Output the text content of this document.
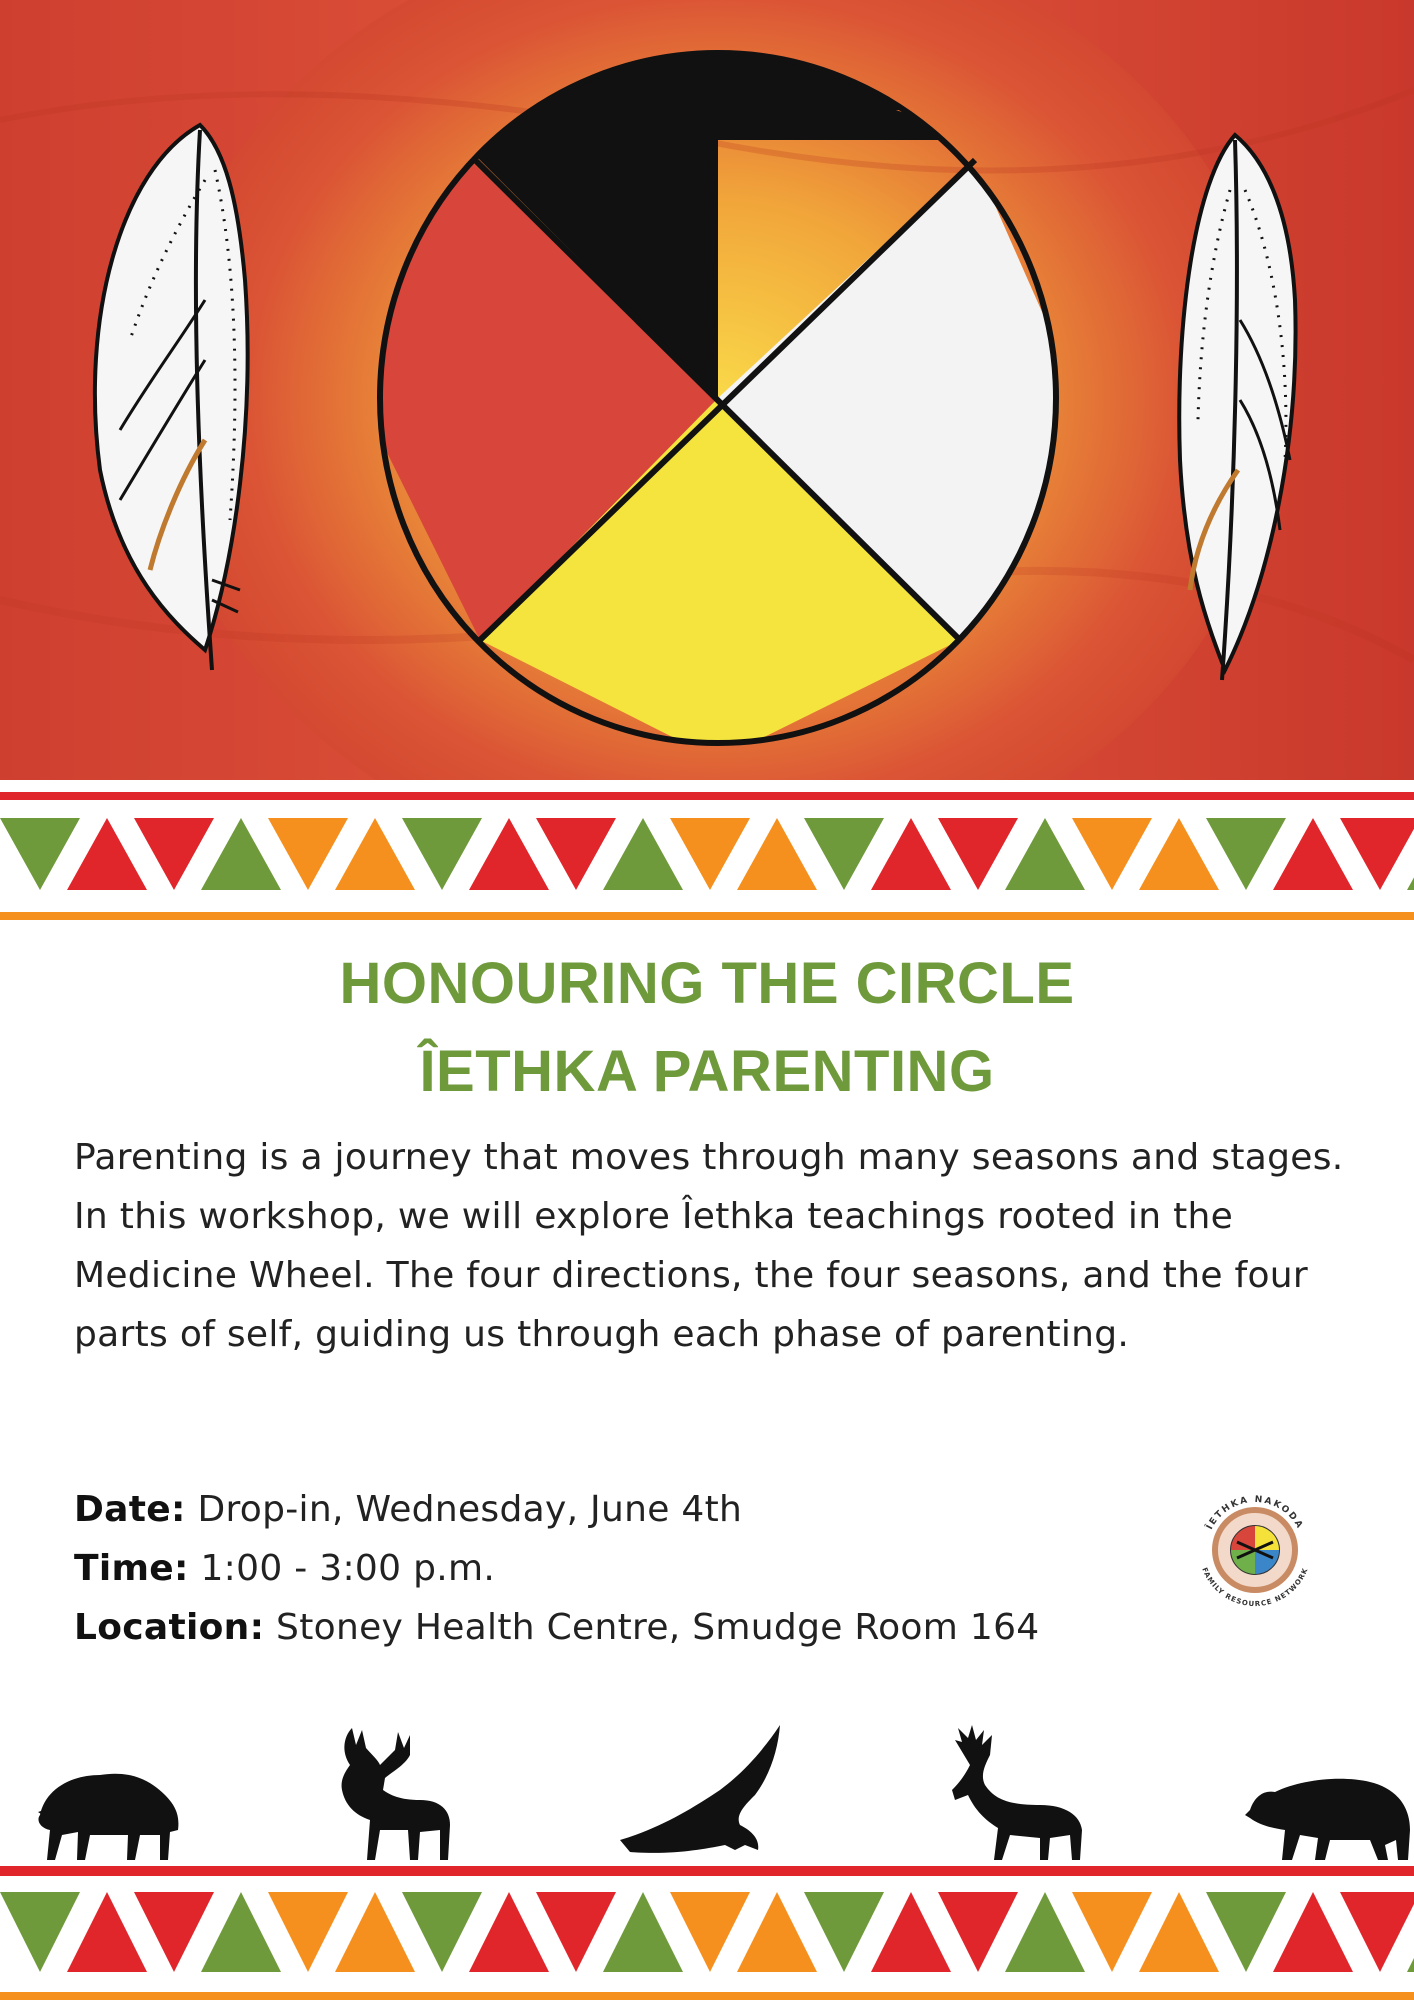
HONOURING THE CIRCLE
ÎETHKA PARENTING

Parenting is a journey that moves through many seasons and stages. In this workshop, we will explore Îethka teachings rooted in the Medicine Wheel. The four directions, the four seasons, and the four parts of self, guiding us through each phase of parenting.

Date: Drop-in, Wednesday, June 4th
Time: 1:00 - 3:00 p.m.
Location: Stoney Health Centre, Smudge Room 164
ÎETHKA NAKODA
FAMILY RESOURCE NETWORK
